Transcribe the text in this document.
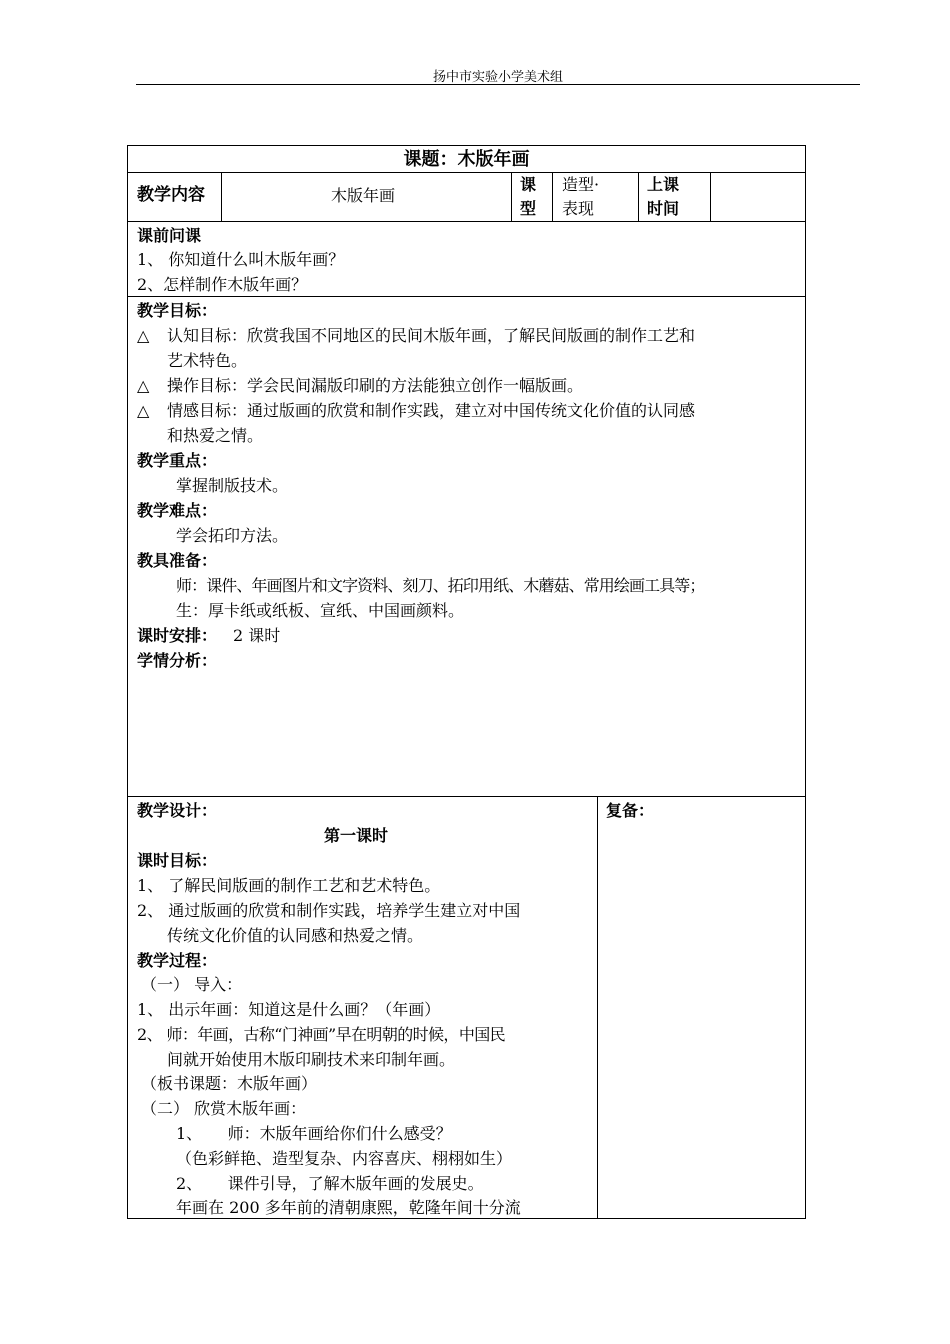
扬中市实验小学美术组
课题：木版年画
教学内容	木版年画
课
型
造型·
表现
上课
时间
课前问课
1、 你知道什么叫木版年画？
2、怎样制作木版年画？
教学目标：
△ 认知目标：欣赏我国不同地区的民间木版年画，了解民间版画的制作工艺和
艺术特色。
△ 操作目标：学会民间漏版印刷的方法能独立创作一幅版画。
△ 情感目标：通过版画的欣赏和制作实践，建立对中国传统文化价值的认同感
和热爱之情。
教学重点：
掌握制版技术。
教学难点：
学会拓印方法。
教具准备：
师：课件、年画图片和文字资料、刻刀、拓印用纸、木蘑菇、常用绘画工具等；
生：厚卡纸或纸板、宣纸、中国画颜料。
课时安排： 2 课时
学情分析：
教学设计：	复备：
第一课时
课时目标：
1、 了解民间版画的制作工艺和艺术特色。
2、 通过版画的欣赏和制作实践，培养学生建立对中国
传统文化价值的认同感和热爱之情。
教学过程：
（一） 导入：
1、 出示年画：知道这是什么画？（年画）
2、 师：年画，古称“门神画”早在明朝的时候，中国民
间就开始使用木版印刷技术来印制年画。
（板书课题：木版年画）
（二） 欣赏木版年画：
1、     师：木版年画给你们什么感受？
（色彩鲜艳、造型复杂、内容喜庆、栩栩如生）
2、     课件引导，了解木版年画的发展史。
年画在 200 多年前的清朝康熙，乾隆年间十分流
